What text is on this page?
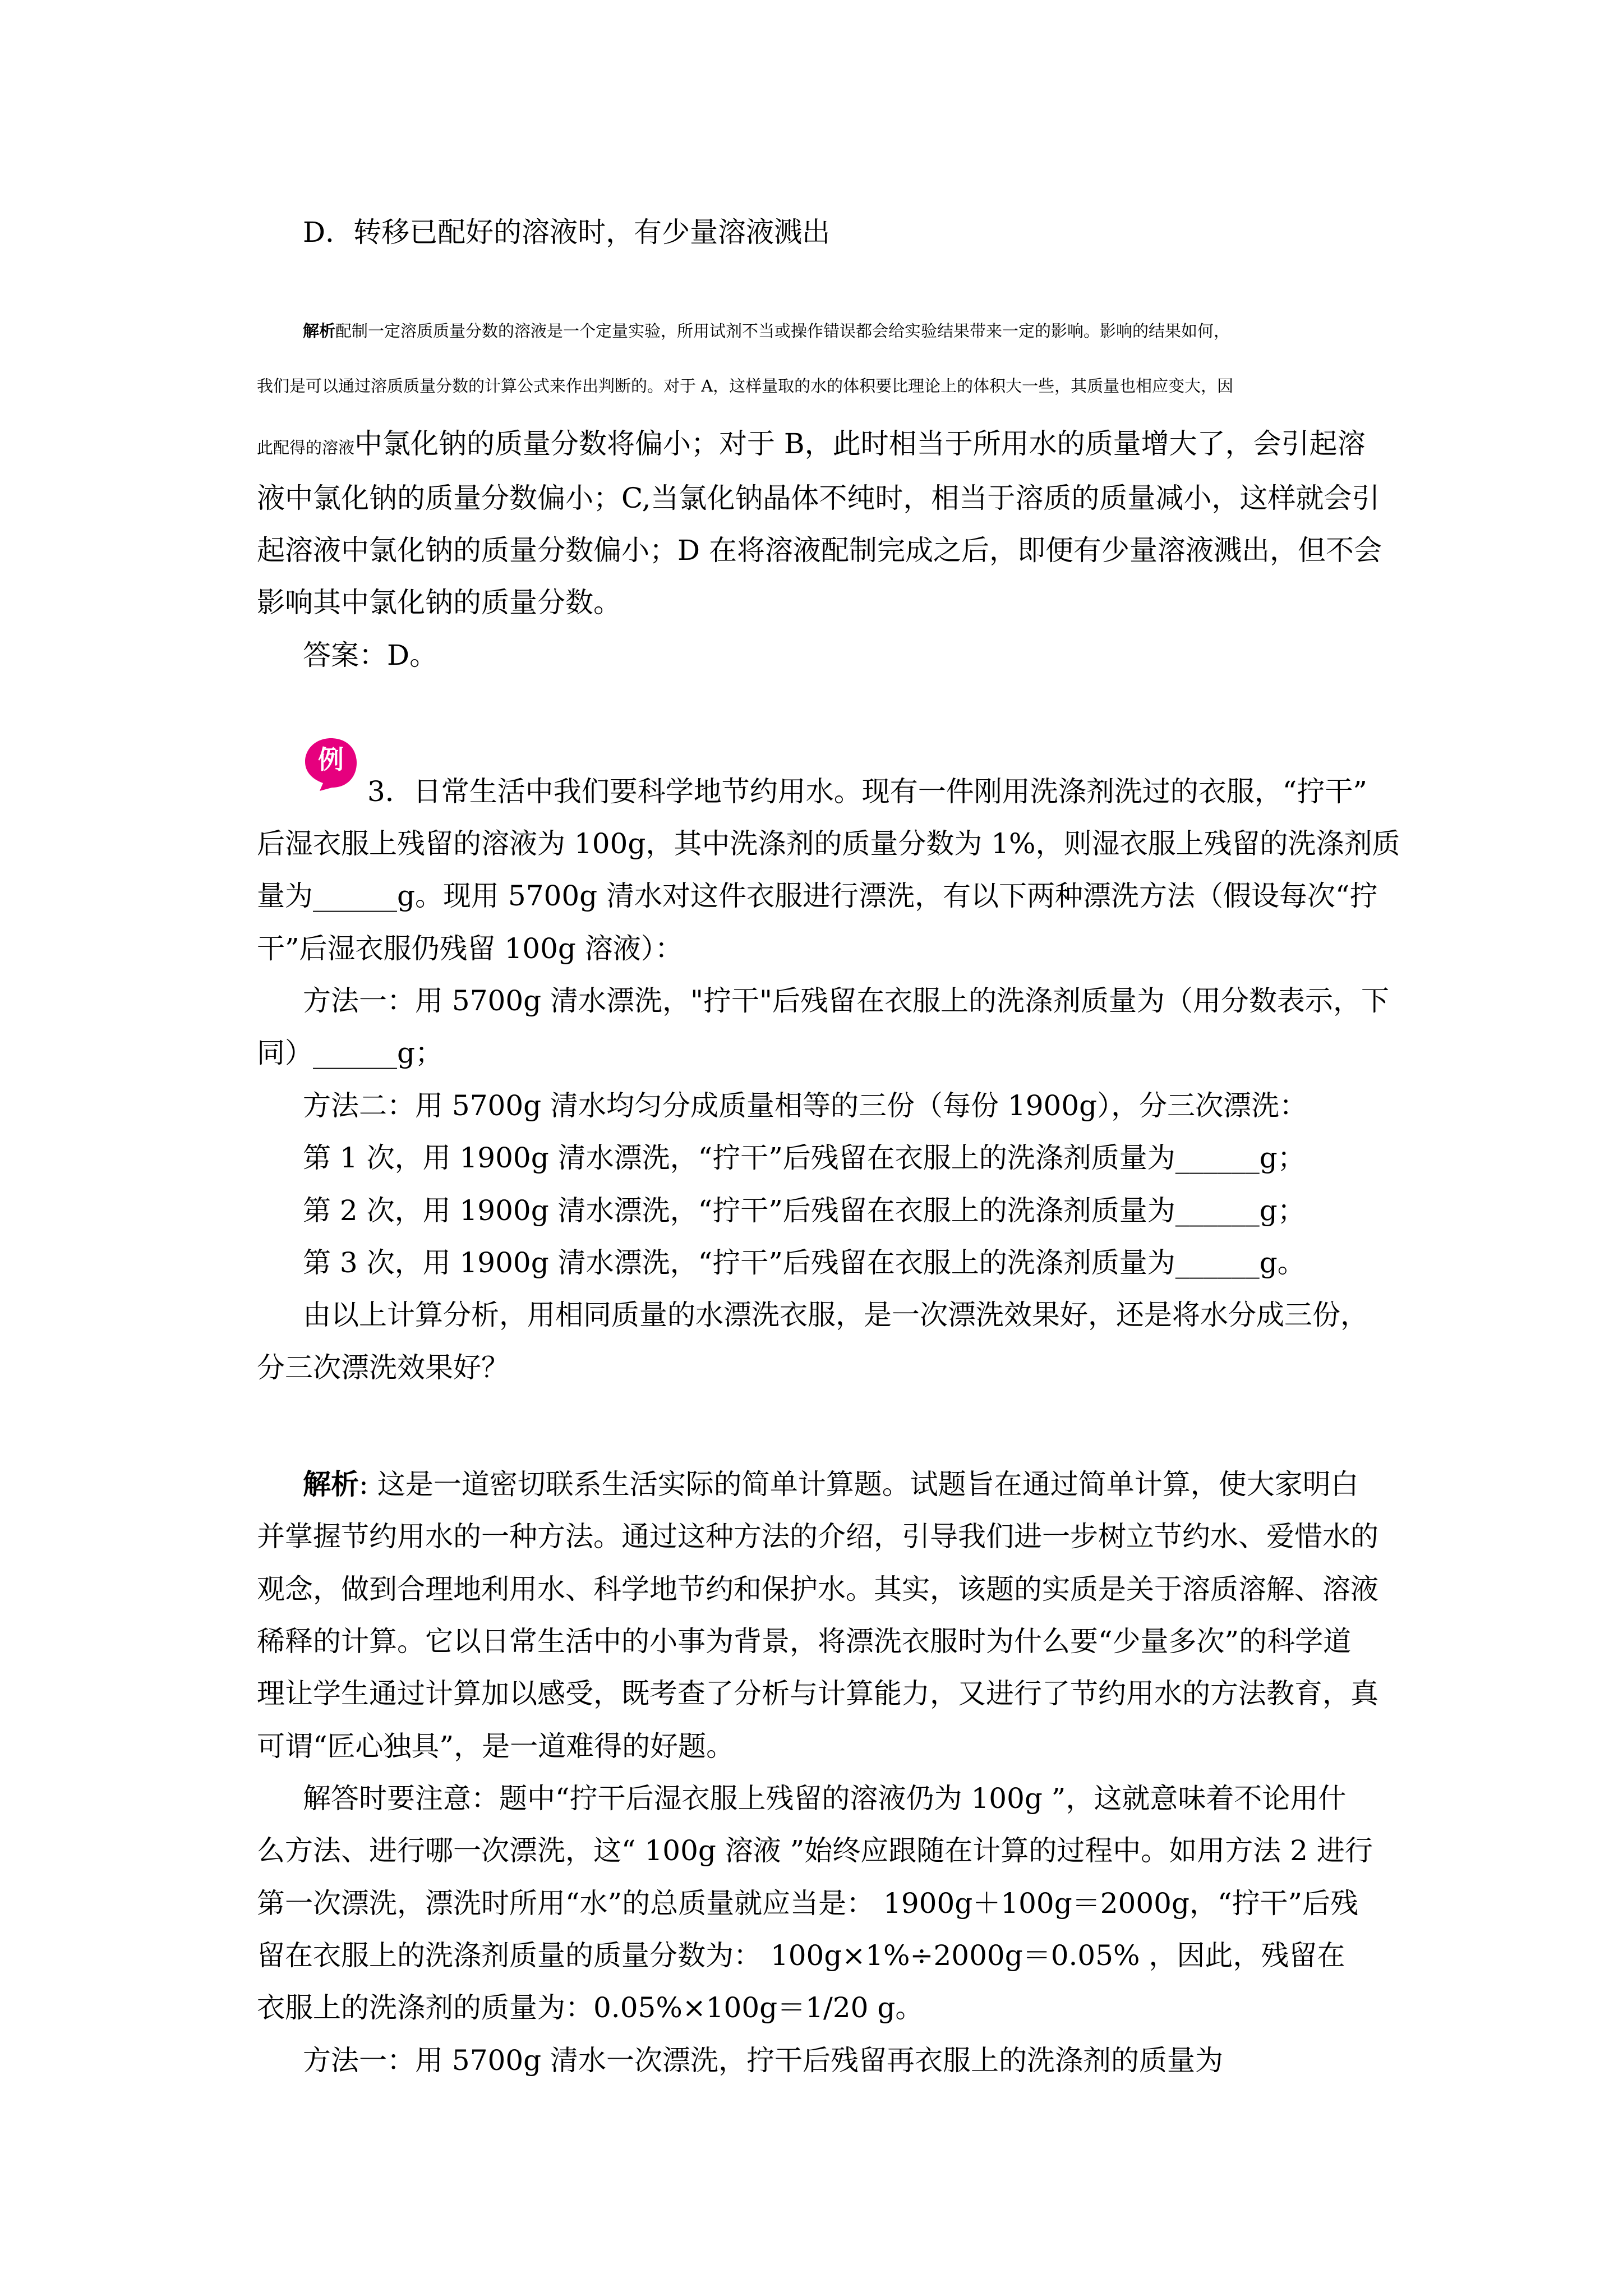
D．转移已配好的溶液时，有少量溶液溅出

解析配制一定溶质质量分数的溶液是一个定量实验，所用试剂不当或操作错误都会给实验结果带来一定的影响。影响的结果如何，

我们是可以通过溶质质量分数的计算公式来作出判断的。对于 A，这样量取的水的体积要比理论上的体积大一些，其质量也相应变大，因

此配得的溶液中氯化钠的质量分数将偏小；对于 B，此时相当于所用水的质量增大了，会引起溶

液中氯化钠的质量分数偏小；C,当氯化钠晶体不纯时，相当于溶质的质量减小，这样就会引

起溶液中氯化钠的质量分数偏小；D 在将溶液配制完成之后，即便有少量溶液溅出，但不会

影响其中氯化钠的质量分数。

答案：D。

例

3．日常生活中我们要科学地节约用水。现有一件刚用洗涤剂洗过的衣服，“拧干”

后湿衣服上残留的溶液为 100g，其中洗涤剂的质量分数为 1%，则湿衣服上残留的洗涤剂质

量为______g。现用 5700g 清水对这件衣服进行漂洗，有以下两种漂洗方法（假设每次“拧

干”后湿衣服仍残留 100g 溶液）：

方法一：用 5700g 清水漂洗，"拧干"后残留在衣服上的洗涤剂质量为（用分数表示，下

同）______g；

方法二：用 5700g 清水均匀分成质量相等的三份（每份 1900g），分三次漂洗：

第 1 次，用 1900g 清水漂洗，“拧干”后残留在衣服上的洗涤剂质量为______g；

第 2 次，用 1900g 清水漂洗，“拧干”后残留在衣服上的洗涤剂质量为______g；

第 3 次，用 1900g 清水漂洗，“拧干”后残留在衣服上的洗涤剂质量为______g。

由以上计算分析，用相同质量的水漂洗衣服，是一次漂洗效果好，还是将水分成三份，

分三次漂洗效果好？

解析: 这是一道密切联系生活实际的简单计算题。试题旨在通过简单计算，使大家明白

并掌握节约用水的一种方法。通过这种方法的介绍，引导我们进一步树立节约水、爱惜水的

观念，做到合理地利用水、科学地节约和保护水。其实，该题的实质是关于溶质溶解、溶液

稀释的计算。它以日常生活中的小事为背景，将漂洗衣服时为什么要“少量多次”的科学道

理让学生通过计算加以感受，既考查了分析与计算能力，又进行了节约用水的方法教育，真

可谓“匠心独具”，是一道难得的好题。

解答时要注意：题中“拧干后湿衣服上残留的溶液仍为 100g ”，这就意味着不论用什

么方法、进行哪一次漂洗，这“ 100g 溶液 ”始终应跟随在计算的过程中。如用方法 2 进行

第一次漂洗，漂洗时所用“水”的总质量就应当是： 1900g＋100g＝2000g，“拧干”后残

留在衣服上的洗涤剂质量的质量分数为： 100g×1%÷2000g＝0.05% ，因此，残留在

衣服上的洗涤剂的质量为：0.05%×100g＝1/20 g。

方法一：用 5700g 清水一次漂洗，拧干后残留再衣服上的洗涤剂的质量为
